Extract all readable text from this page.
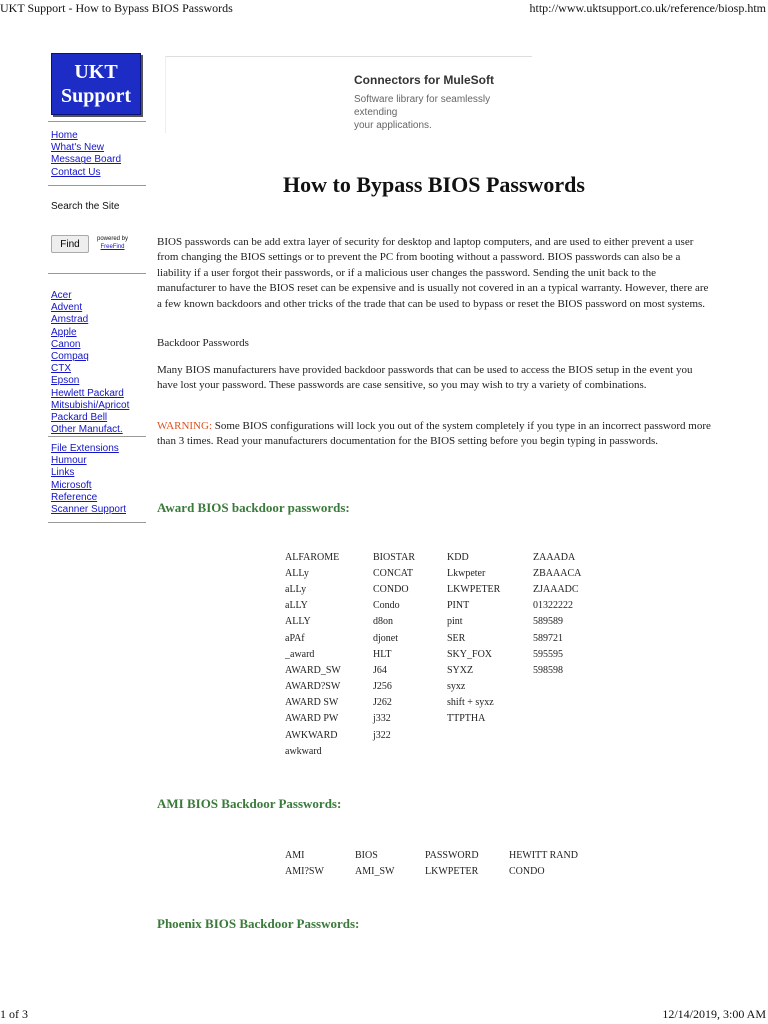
UKT Support - How to Bypass BIOS Passwords	http://www.uktsupport.co.uk/reference/biosp.htm
1 of 3	12/14/2019, 3:00 AM
UKT
Support
Home
What's New
Message Board
Contact Us
Search the Site
Find	powered by
FreeFind
Acer
Advent
Amstrad
Apple
Canon
Compaq
CTX
Epson
Hewlett Packard
Mitsubishi/Apricot
Packard Bell
Other Manufact.
File Extensions
Humour
Links
Microsoft
Reference
Scanner Support
Connectors for MuleSoft
Software library for seamlessly extending
your applications.
How to Bypass BIOS Passwords

BIOS passwords can be add extra layer of security for desktop and laptop computers, and are used to either prevent a user from changing the BIOS settings or to prevent the PC from booting without a password. BIOS passwords can also be a liability if a user forgot their passwords, or if a malicious user changes the password. Sending the unit back to the manufacturer to have the BIOS reset can be expensive and is usually not covered in an a typical warranty. However, there are a few known backdoors and other tricks of the trade that can be used to bypass or reset the BIOS password on most systems.

Backdoor Passwords

Many BIOS manufacturers have provided backdoor passwords that can be used to access the BIOS setup in the event you have lost your password. These passwords are case sensitive, so you may wish to try a variety of combinations.

WARNING: Some BIOS configurations will lock you out of the system completely if you type in an incorrect password more than 3 times. Read your manufacturers documentation for the BIOS setting before you begin typing in passwords.

Award BIOS backdoor passwords:
ALFAROME	BIOSTAR	KDD	ZAAADA
ALLy	CONCAT	Lkwpeter	ZBAAACA
aLLy	CONDO	LKWPETER	ZJAAADC
aLLY	Condo	PINT	01322222
ALLY	d8on	pint	589589
aPAf	djonet	SER	589721
_award	HLT	SKY_FOX	595595
AWARD_SW	J64	SYXZ	598598
AWARD?SW	J256	syxz	
AWARD SW	J262	shift + syxz	
AWARD PW	j332	TTPTHA	
AWKWARD	j322		
awkward			
AMI BIOS Backdoor Passwords:
AMI	BIOS	PASSWORD	HEWITT RAND
AMI?SW	AMI_SW	LKWPETER	CONDO
Phoenix BIOS Backdoor Passwords:
